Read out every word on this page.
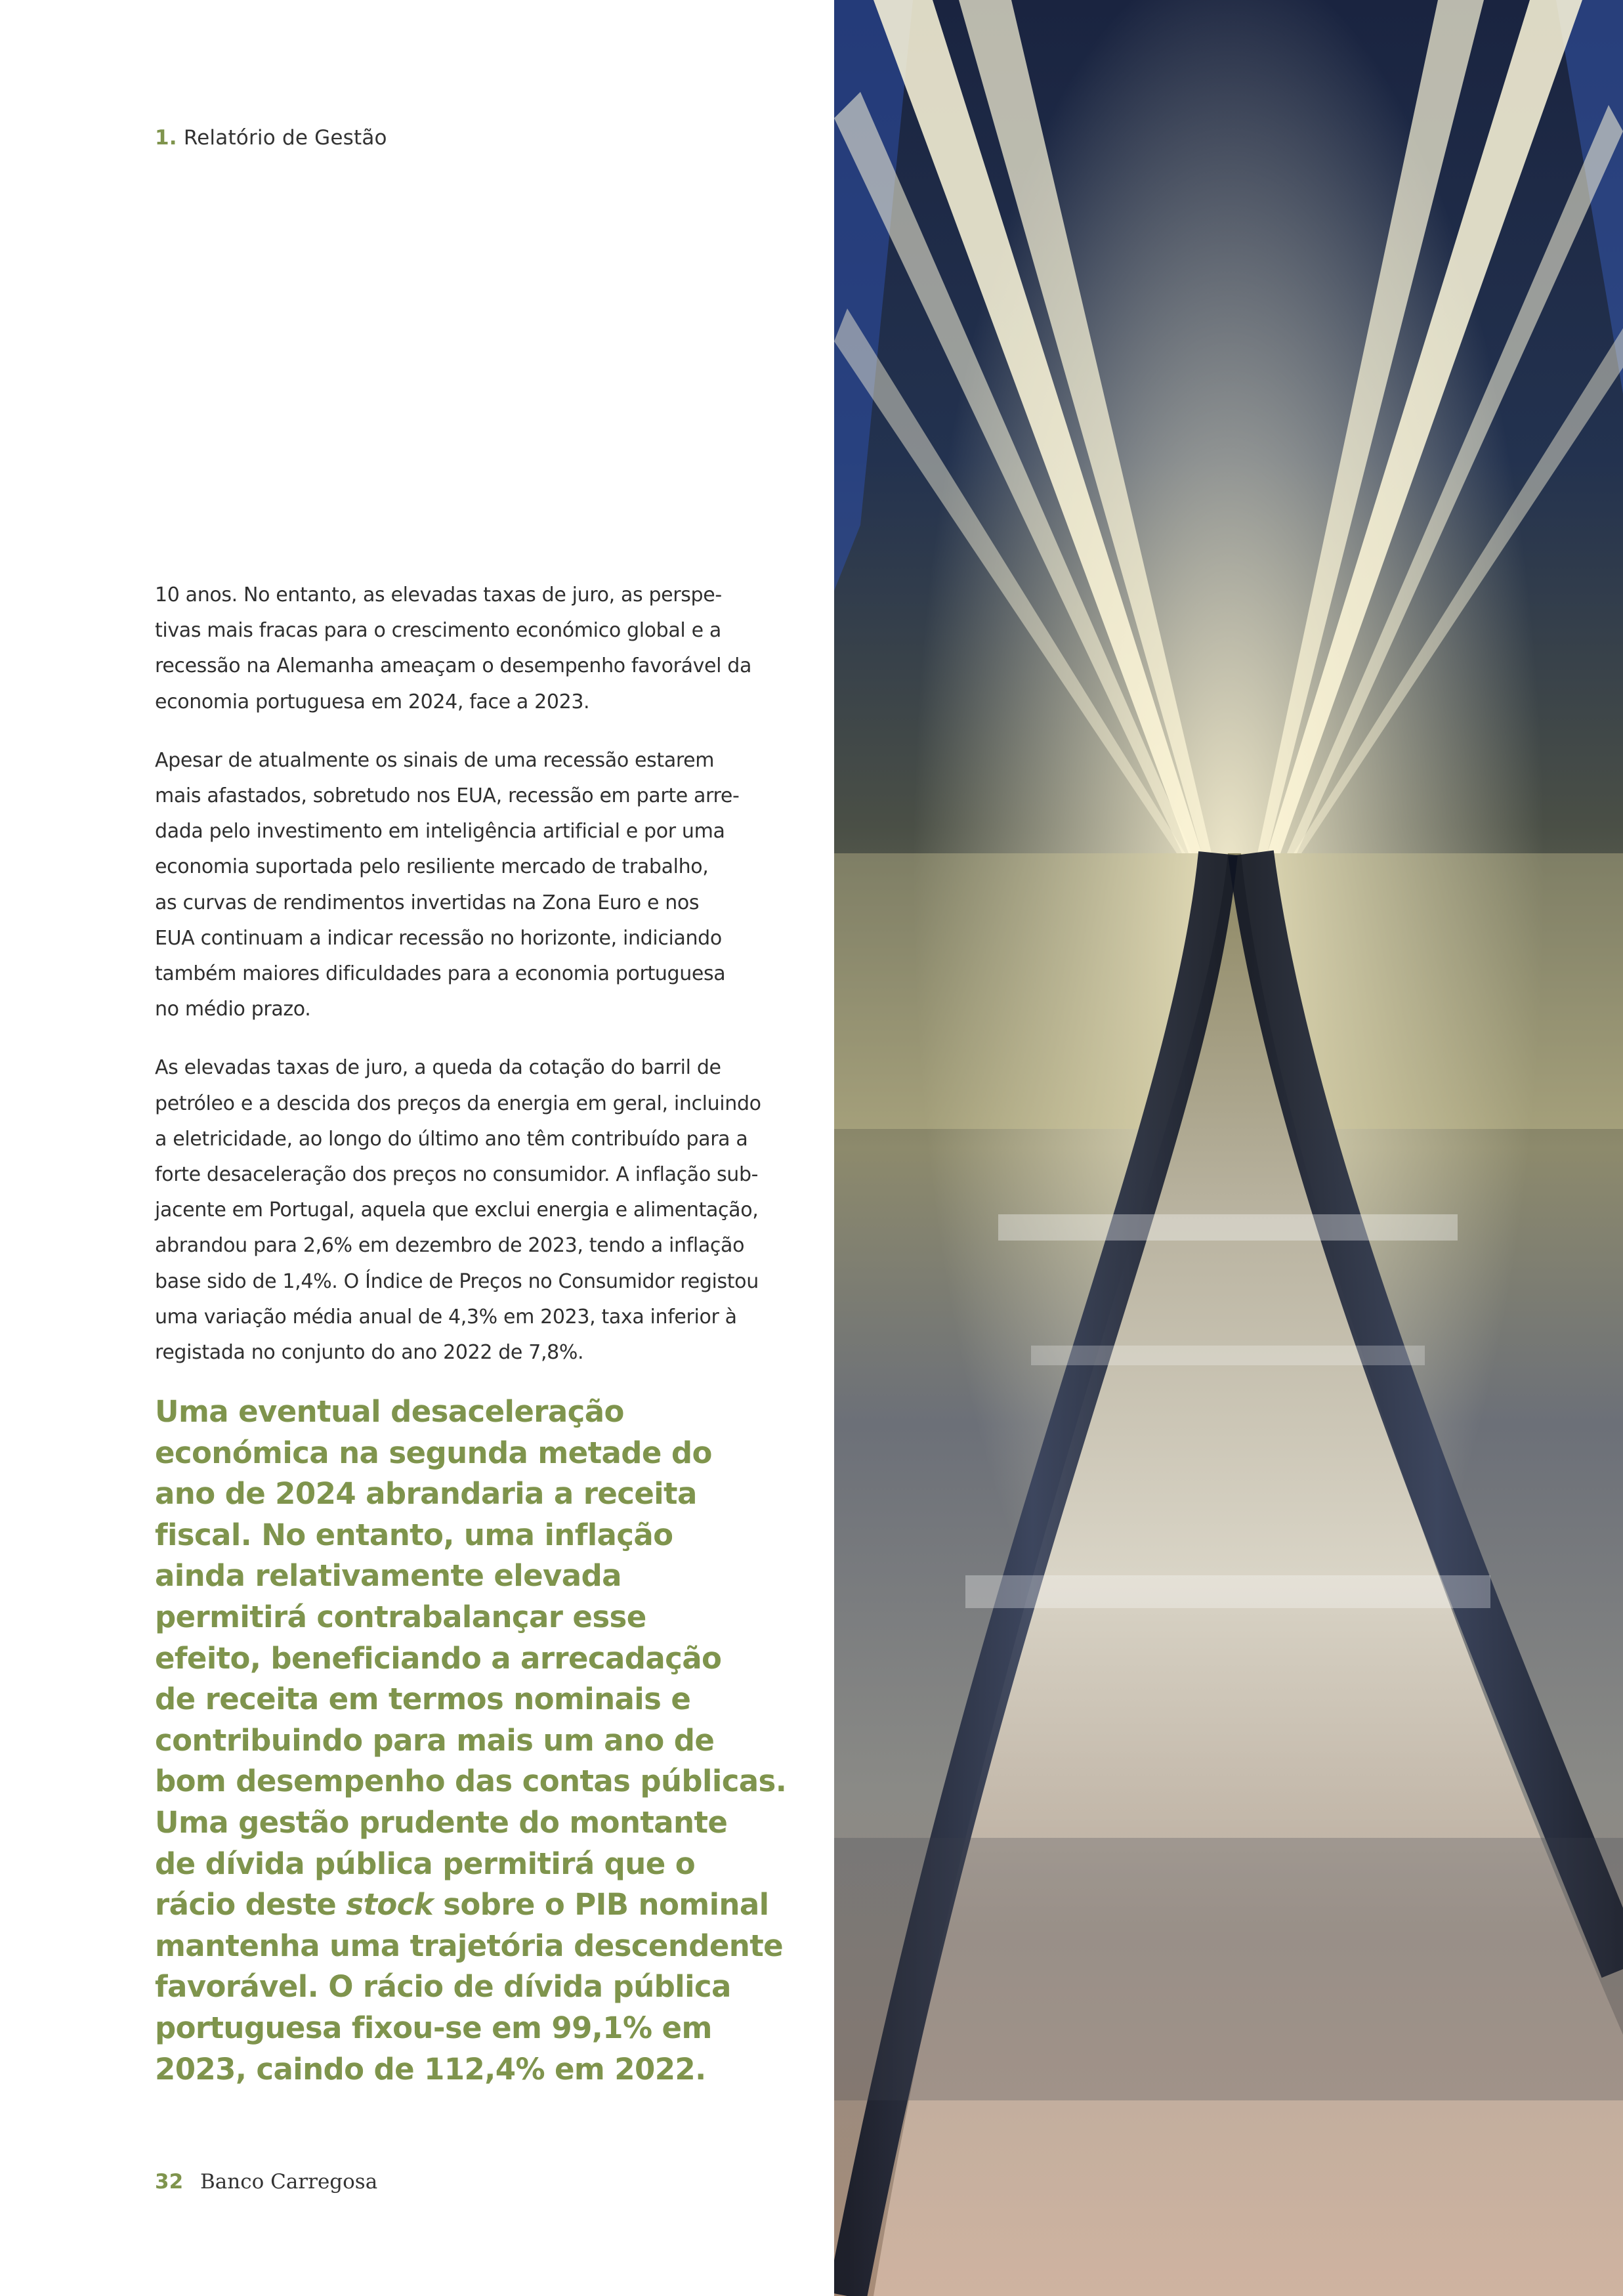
1. Relatório de Gestão

10 anos. No entanto, as elevadas taxas de juro, as perspe-
tivas mais fracas para o crescimento económico global e a
recessão na Alemanha ameaçam o desempenho favorável da
economia portuguesa em 2024, face a 2023.

Apesar de atualmente os sinais de uma recessão estarem
mais afastados, sobretudo nos EUA, recessão em parte arre-
dada pelo investimento em inteligência artificial e por uma
economia suportada pelo resiliente mercado de trabalho,
as curvas de rendimentos invertidas na Zona Euro e nos
EUA continuam a indicar recessão no horizonte, indiciando
também maiores dificuldades para a economia portuguesa
no médio prazo.

As elevadas taxas de juro, a queda da cotação do barril de
petróleo e a descida dos preços da energia em geral, incluindo
a eletricidade, ao longo do último ano têm contribuído para a
forte desaceleração dos preços no consumidor. A inflação sub-
jacente em Portugal, aquela que exclui energia e alimentação,
abrandou para 2,6% em dezembro de 2023, tendo a inflação
base sido de 1,4%. O Índice de Preços no Consumidor registou
uma variação média anual de 4,3% em 2023, taxa inferior à
registada no conjunto do ano 2022 de 7,8%.

Uma eventual desaceleração
económica na segunda metade do
ano de 2024 abrandaria a receita
fiscal. No entanto, uma inflação
ainda relativamente elevada
permitirá contrabalançar esse
efeito, beneficiando a arrecadação
de receita em termos nominais e
contribuindo para mais um ano de
bom desempenho das contas públicas.
Uma gestão prudente do montante
de dívida pública permitirá que o
rácio deste stock sobre o PIB nominal
mantenha uma trajetória descendente
favorável. O rácio de dívida pública
portuguesa fixou-se em 99,1% em
2023, caindo de 112,4% em 2022.
32 Banco Carregosa
